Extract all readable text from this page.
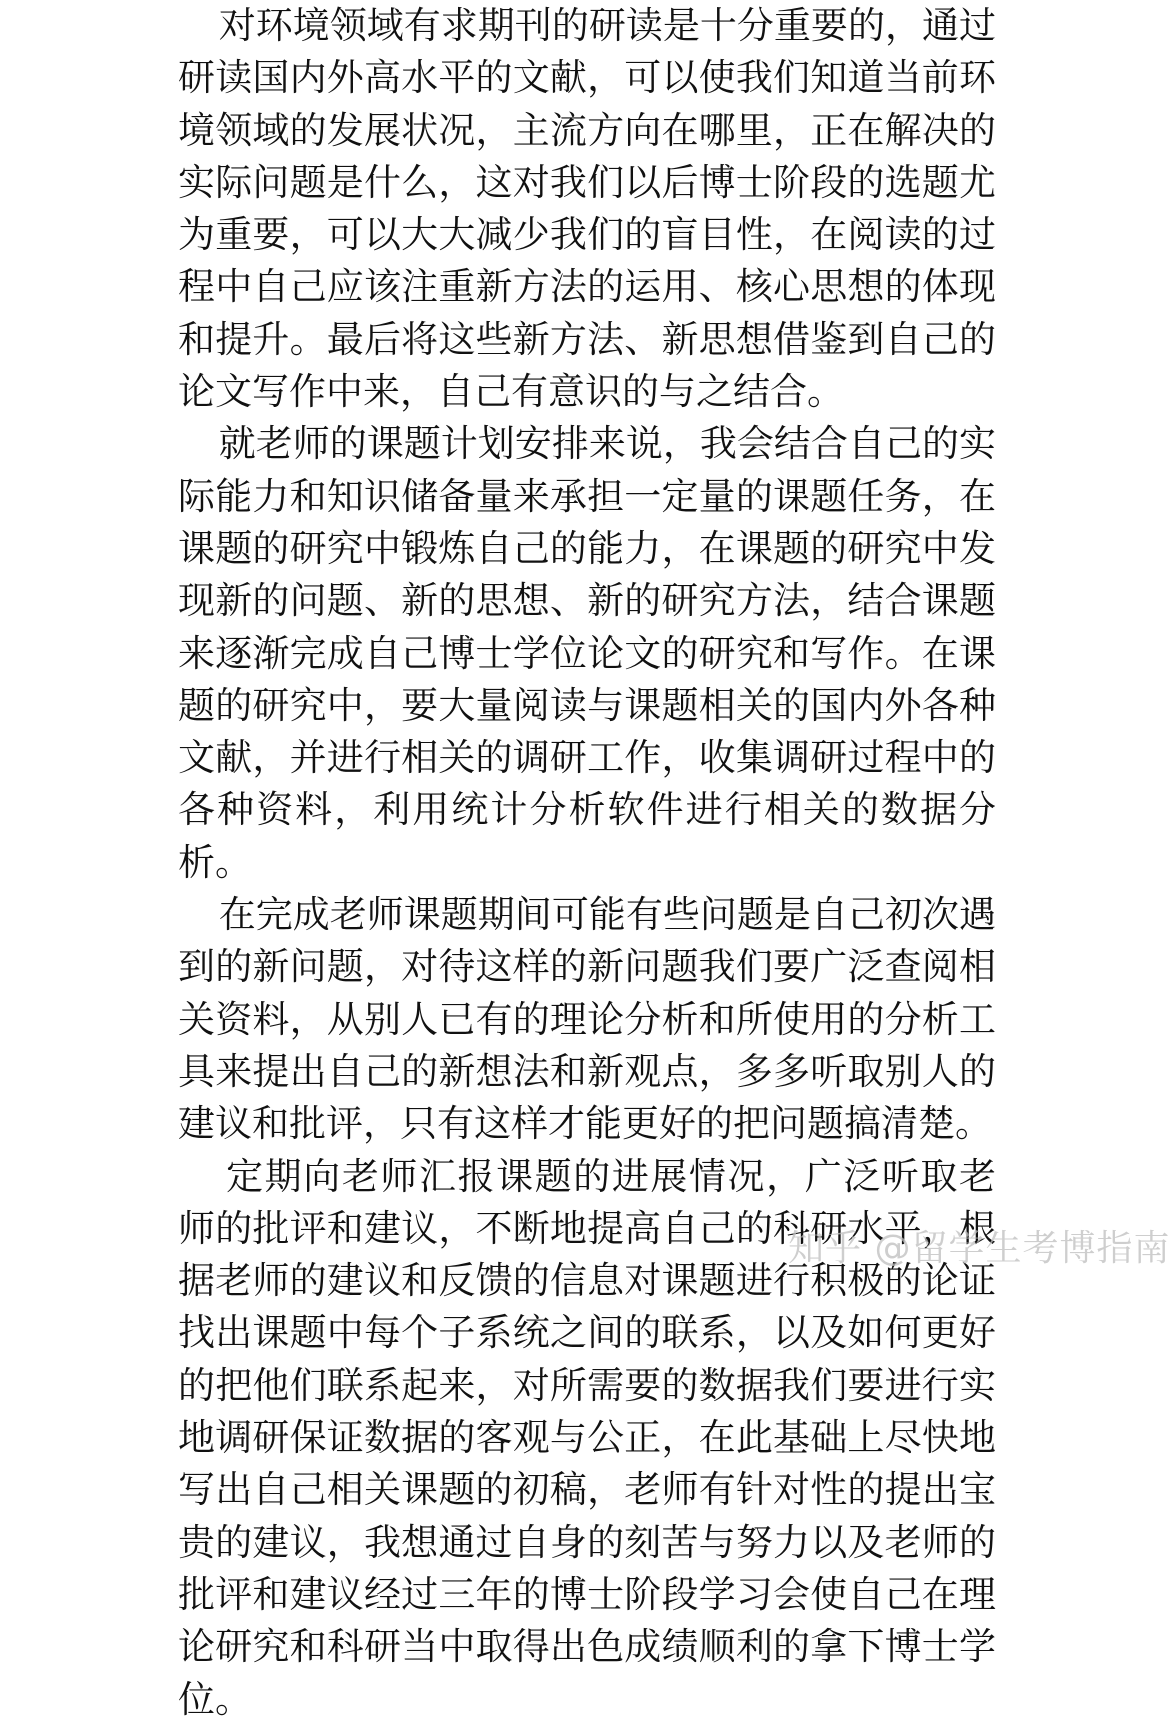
对环境领域有求期刊的研读是十分重要的，通过研读国内外高水平的文献，可以使我们知道当前环境领域的发展状况，主流方向在哪里，正在解决的实际问题是什么，这对我们以后博士阶段的选题尤为重要，可以大大减少我们的盲目性，在阅读的过程中自己应该注重新方法的运用、核心思想的体现和提升。最后将这些新方法、新思想借鉴到自己的论文写作中来，自己有意识的与之结合。

就老师的课题计划安排来说，我会结合自己的实际能力和知识储备量来承担一定量的课题任务，在课题的研究中锻炼自己的能力，在课题的研究中发现新的问题、新的思想、新的研究方法，结合课题来逐渐完成自己博士学位论文的研究和写作。在课题的研究中，要大量阅读与课题相关的国内外各种文献，并进行相关的调研工作，收集调研过程中的各种资料，利用统计分析软件进行相关的数据分析。

在完成老师课题期间可能有些问题是自己初次遇到的新问题，对待这样的新问题我们要广泛查阅相关资料，从别人已有的理论分析和所使用的分析工具来提出自己的新想法和新观点，多多听取别人的建议和批评，只有这样才能更好的把问题搞清楚。

定期向老师汇报课题的进展情况，广泛听取老师的批评和建议，不断地提高自己的科研水平，根据老师的建议和反馈的信息对课题进行积极的论证找出课题中每个子系统之间的联系，以及如何更好的把他们联系起来，对所需要的数据我们要进行实地调研保证数据的客观与公正，在此基础上尽快地写出自己相关课题的初稿，老师有针对性的提出宝贵的建议，我想通过自身的刻苦与努力以及老师的批评和建议经过三年的博士阶段学习会使自己在理论研究和科研当中取得出色成绩顺利的拿下博士学位。

知乎 @留学生考博指南
